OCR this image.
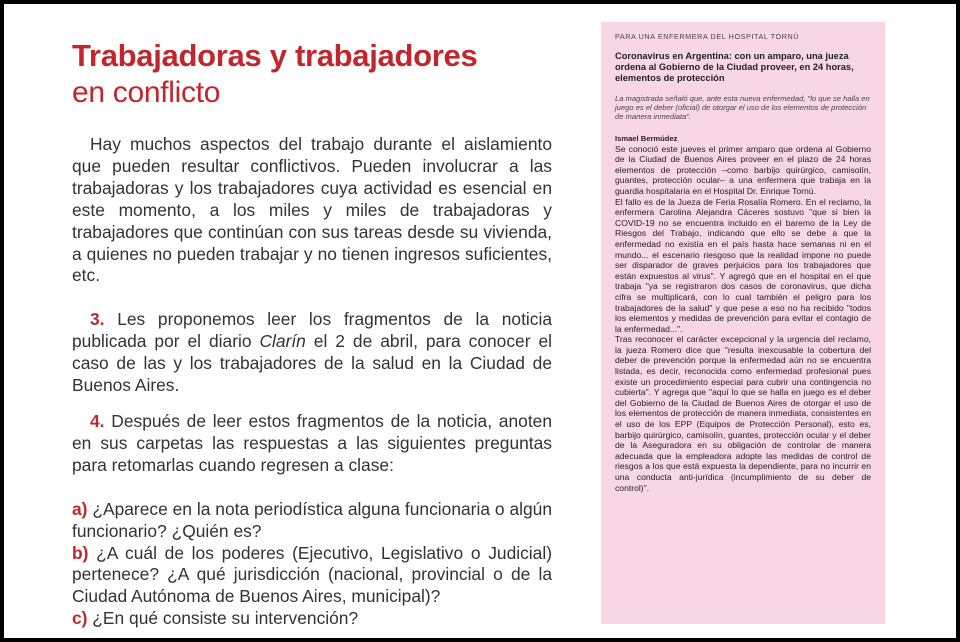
Trabajadoras y trabajadores
en conflicto

Hay muchos aspectos del trabajo durante el aislamiento que pueden resultar conflictivos. Pueden involucrar a las trabajadoras y los trabajadores cuya actividad es esencial en este momento, a los miles y miles de trabajadoras y trabajadores que continúan con sus tareas desde su vivienda, a quienes no pueden trabajar y no tienen ingresos suficientes, etc.

3. Les proponemos leer los fragmentos de la noticia publicada por el diario Clarín el 2 de abril, para conocer el caso de las y los trabajadores de la salud en la Ciudad de Buenos Aires.

4. Después de leer estos fragmentos de la noticia, anoten en sus carpetas las respuestas a las siguientes preguntas para retomarlas cuando regresen a clase:

a) ¿Aparece en la nota periodística alguna funcionaria o algún funcionario? ¿Quién es?

b) ¿A cuál de los poderes (Ejecutivo, Legislativo o Judicial) pertenece? ¿A qué jurisdicción (nacional, provincial o de la Ciudad Autónoma de Buenos Aires, municipal)?

c) ¿En qué consiste su intervención?

PARA UNA ENFERMERA DEL HOSPITAL TORNÚ

Coronavirus en Argentina: con un amparo, una jueza ordena al Gobierno de la Ciudad proveer, en 24 horas, elementos de protección

La magistrada señaló que, ante esta nueva enfermedad, "lo que se halla en juego es el deber (oficial) de otorgar el uso de los elementos de protección de manera inmediata".

Ismael Bermúdez

Se conoció este jueves el primer amparo que ordena al Gobierno de la Ciudad de Buenos Aires proveer en el plazo de 24 horas elementos de protección –como barbijo quirúrgico, camisolín, guantes, protección ocular– a una enfermera que trabaja en la guardia hospitalaria en el Hospital Dr. Enrique Tornú.

El fallo es de la Jueza de Feria Rosalía Romero. En el reclamo, la enfermera Carolina Alejandra Cáceres sostuvo "que si bien la COVID-19 no se encuentra incluido en el baremo de la Ley de Riesgos del Trabajo, indicando que ello se debe a que la enfermedad no existía en el país hasta hace semanas ni en el mundo... el escenario riesgoso que la realidad impone no puede ser disparador de graves perjuicios para los trabajadores que están expuestos al virus". Y agregó que en el hospital en el que trabaja "ya se registraron dos casos de coronavirus, que dicha cifra se multiplicará, con lo cual también el peligro para los trabajadores de la salud" y que pese a eso no ha recibido "todos los elementos y medidas de prevención para evitar el contagio de la enfermedad...".

Tras reconocer el carácter excepcional y la urgencia del reclamo, la jueza Romero dice que "resulta inexcusable la cobertura del deber de prevención porque la enfermedad aún no se encuentra listada, es decir, reconocida como enfermedad profesional pues existe un procedimiento especial para cubrir una contingencia no cubierta". Y agrega que "aquí lo que se halla en juego es el deber del Gobierno de la Ciudad de Buenos Aires de otorgar el uso de los elementos de protección de manera inmediata, consistentes en el uso de los EPP (Equipos de Protección Personal), esto es, barbijo quirúrgico, camisolín, guantes, protección ocular y el deber de la Aseguradora en su obligación de controlar de manera adecuada que la empleadora adopte las medidas de control de riesgos a los que está expuesta la dependiente, para no incurrir en una conducta anti-jurídica (incumplimiento de su deber de control)".
